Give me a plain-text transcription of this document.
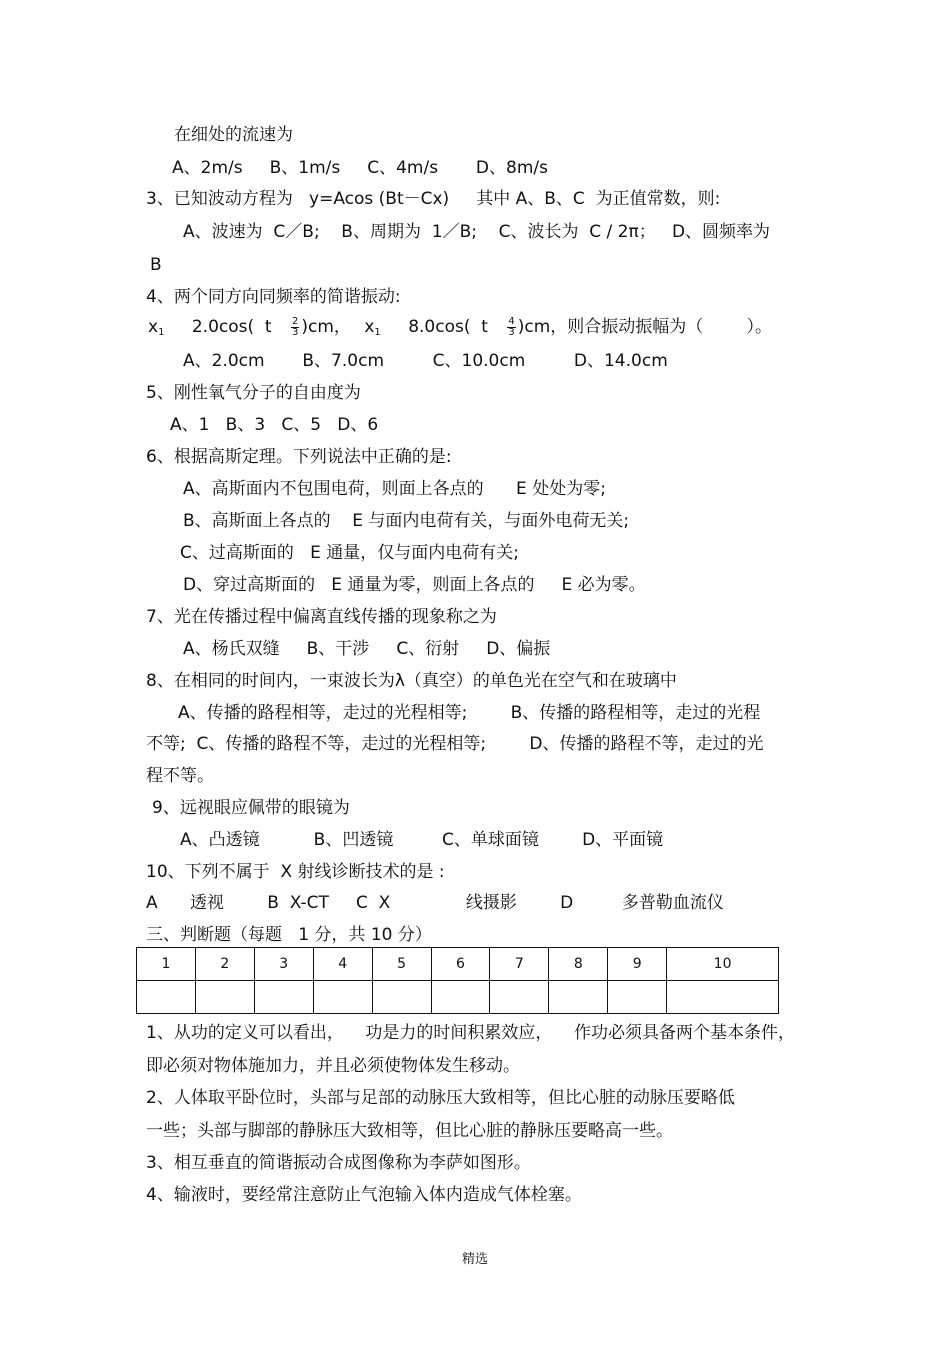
在细处的流速为
A、2m/s     B、1m/s     C、4m/s       D、8m/s
3、已知波动方程为   y=Acos (Bt－Cx)     其中 A、B、C  为正值常数，则:
A、波速为  C／B;    B、周期为  1／B;    C、波长为  C / 2π；   D、圆频率为
B
4、两个同方向同频率的简谐振动:
$x_1$ 2.0cos(  t $\frac{2}{3} )cm$， $x_1$ 8.0cos(  t $\frac{4}{3} )cm$，则合振动振幅为（        ）。
A、2.0cm       B、7.0cm         C、10.0cm         D、14.0cm
5、刚性氧气分子的自由度为
A、1   B、3   C、5   D、6
6、根据高斯定理。下列说法中正确的是:
A、高斯面内不包围电荷，则面上各点的      E 处处为零;
B、高斯面上各点的    E 与面内电荷有关，与面外电荷无关;
C、过高斯面的   E 通量，仅与面内电荷有关;
D、穿过高斯面的   E 通量为零，则面上各点的     E 必为零。
7、光在传播过程中偏离直线传播的现象称之为
A、杨氏双缝     B、干涉     C、衍射     D、偏振
8、在相同的时间内，一束波长为λ（真空）的单色光在空气和在玻璃中
A、传播的路程相等，走过的光程相等;        B、传播的路程相等，走过的光程
不等;  C、传播的路程不等，走过的光程相等;        D、传播的路程不等，走过的光
程不等。
9、远视眼应佩带的眼镜为
A、凸透镜          B、凹透镜         C、单球面镜        D、平面镜
10、下列不属于  X 射线诊断技术的是 :
A      透视        B  X-CT     C  X              线摄影        D         多普勒血流仪
三、判断题（每题   1 分，共 10 分）
1	2	3	4	5	6	7	8	9	10

1、从功的定义可以看出，    功是力的时间积累效应，    作功必须具备两个基本条件，
即必须对物体施加力，并且必须使物体发生移动。
2、人体取平卧位时，头部与足部的动脉压大致相等，但比心脏的动脉压要略低
一些；头部与脚部的静脉压大致相等，但比心脏的静脉压要略高一些。
3、相互垂直的简谐振动合成图像称为李萨如图形。
4、输液时，要经常注意防止气泡输入体内造成气体栓塞。
精选
